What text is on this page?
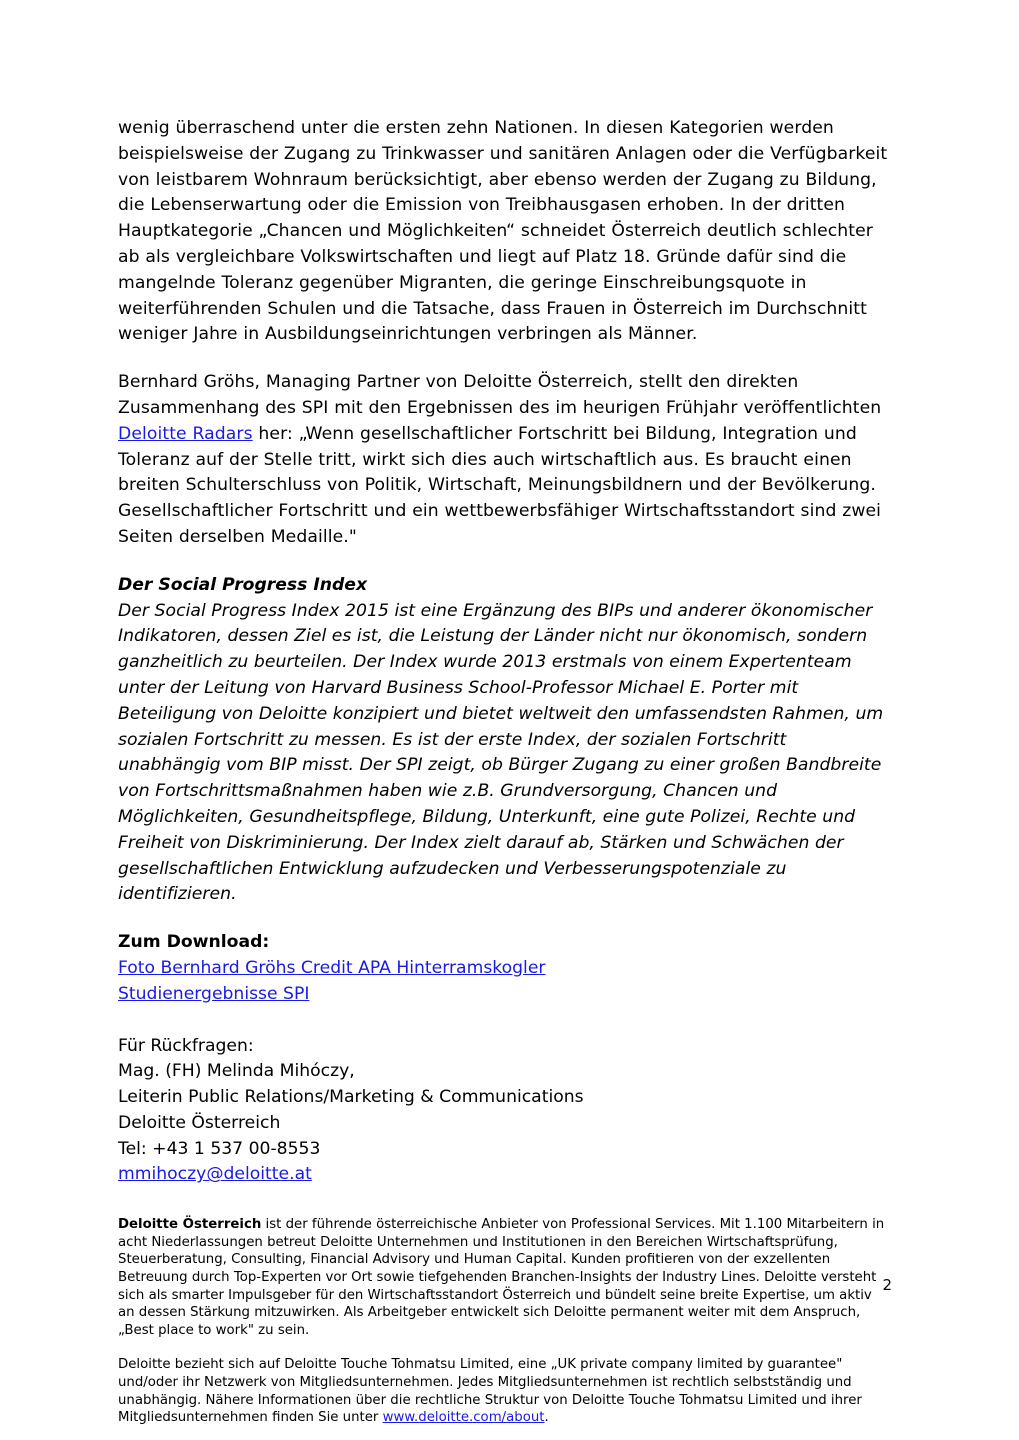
wenig überraschend unter die ersten zehn Nationen. In diesen Kategorien werden beispielsweise der Zugang zu Trinkwasser und sanitären Anlagen oder die Verfügbarkeit von leistbarem Wohnraum berücksichtigt, aber ebenso werden der Zugang zu Bildung, die Lebenserwartung oder die Emission von Treibhausgasen erhoben. In der dritten Hauptkategorie „Chancen und Möglichkeiten“ schneidet Österreich deutlich schlechter ab als vergleichbare Volkswirtschaften und liegt auf Platz 18. Gründe dafür sind die mangelnde Toleranz gegenüber Migranten, die geringe Einschreibungsquote in weiterführenden Schulen und die Tatsache, dass Frauen in Österreich im Durchschnitt weniger Jahre in Ausbildungseinrichtungen verbringen als Männer.

Bernhard Gröhs, Managing Partner von Deloitte Österreich, stellt den direkten Zusammenhang des SPI mit den Ergebnissen des im heurigen Frühjahr veröffentlichten Deloitte Radars her: „Wenn gesellschaftlicher Fortschritt bei Bildung, Integration und Toleranz auf der Stelle tritt, wirkt sich dies auch wirtschaftlich aus. Es braucht einen breiten Schulterschluss von Politik, Wirtschaft, Meinungsbildnern und der Bevölkerung. Gesellschaftlicher Fortschritt und ein wettbewerbsfähiger Wirtschaftsstandort sind zwei Seiten derselben Medaille."

Der Social Progress Index

Der Social Progress Index 2015 ist eine Ergänzung des BIPs und anderer ökonomischer Indikatoren, dessen Ziel es ist, die Leistung der Länder nicht nur ökonomisch, sondern ganzheitlich zu beurteilen. Der Index wurde 2013 erstmals von einem Expertenteam unter der Leitung von Harvard Business School-Professor Michael E. Porter mit Beteiligung von Deloitte konzipiert und bietet weltweit den umfassendsten Rahmen, um sozialen Fortschritt zu messen. Es ist der erste Index, der sozialen Fortschritt unabhängig vom BIP misst. Der SPI zeigt, ob Bürger Zugang zu einer großen Bandbreite von Fortschrittsmaßnahmen haben wie z.B. Grundversorgung, Chancen und Möglichkeiten, Gesundheitspflege, Bildung, Unterkunft, eine gute Polizei, Rechte und Freiheit von Diskriminierung. Der Index zielt darauf ab, Stärken und Schwächen der gesellschaftlichen Entwicklung aufzudecken und Verbesserungspotenziale zu identifizieren.

Zum Download:
Foto Bernhard Gröhs Credit APA Hinterramskogler
Studienergebnisse SPI
Für Rückfragen:
Mag. (FH) Melinda Mihóczy,
Leiterin Public Relations/Marketing & Communications
Deloitte Österreich
Tel: +43 1 537 00-8553
mmihoczy@deloitte.at

Deloitte Österreich ist der führende österreichische Anbieter von Professional Services. Mit 1.100 Mitarbeitern in acht Niederlassungen betreut Deloitte Unternehmen und Institutionen in den Bereichen Wirtschaftsprüfung, Steuerberatung, Consulting, Financial Advisory und Human Capital. Kunden profitieren von der exzellenten Betreuung durch Top-Experten vor Ort sowie tiefgehenden Branchen-Insights der Industry Lines. Deloitte versteht sich als smarter Impulsgeber für den Wirtschaftsstandort Österreich und bündelt seine breite Expertise, um aktiv an dessen Stärkung mitzuwirken. Als Arbeitgeber entwickelt sich Deloitte permanent weiter mit dem Anspruch, „Best place to work" zu sein.

Deloitte bezieht sich auf Deloitte Touche Tohmatsu Limited, eine „UK private company limited by guarantee" und/oder ihr Netzwerk von Mitgliedsunternehmen. Jedes Mitgliedsunternehmen ist rechtlich selbstständig und unabhängig. Nähere Informationen über die rechtliche Struktur von Deloitte Touche Tohmatsu Limited und ihrer Mitgliedsunternehmen finden Sie unter www.deloitte.com/about.

2
